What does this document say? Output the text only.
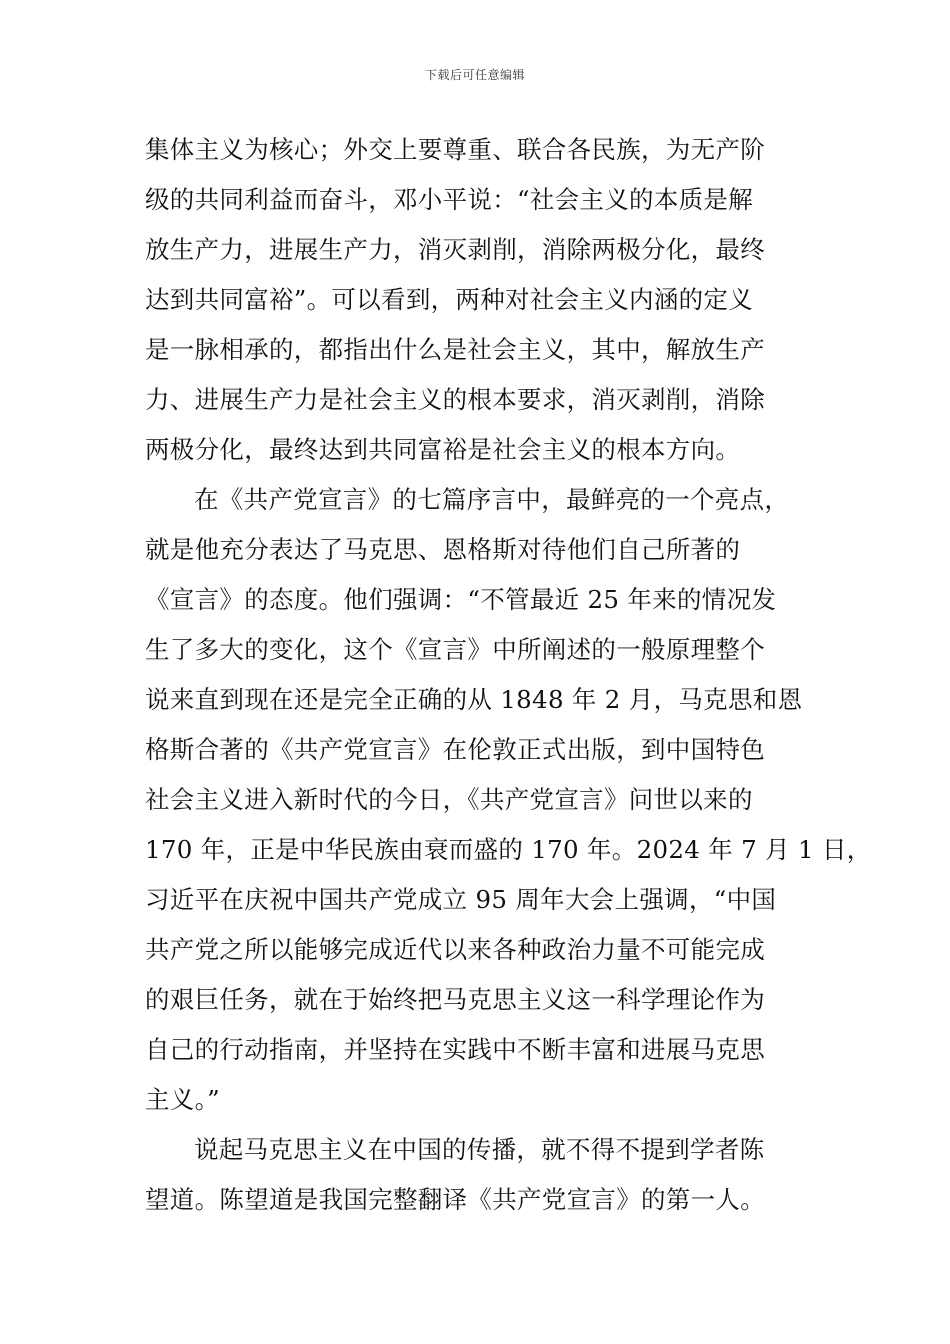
下载后可任意编辑
集体主义为核心；外交上要尊重、联合各民族，为无产阶
级的共同利益而奋斗，邓小平说：“社会主义的本质是解
放生产力，进展生产力，消灭剥削，消除两极分化，最终
达到共同富裕”。可以看到，两种对社会主义内涵的定义
是一脉相承的，都指出什么是社会主义，其中，解放生产
力、进展生产力是社会主义的根本要求，消灭剥削，消除
两极分化，最终达到共同富裕是社会主义的根本方向。
在《共产党宣言》的七篇序言中，最鲜亮的一个亮点，
就是他充分表达了马克思、恩格斯对待他们自己所著的
《宣言》的态度。他们强调：“不管最近 25 年来的情况发
生了多大的变化，这个《宣言》中所阐述的一般原理整个
说来直到现在还是完全正确的从 1848 年 2 月，马克思和恩
格斯合著的《共产党宣言》在伦敦正式出版，到中国特色
社会主义进入新时代的今日，《共产党宣言》问世以来的
170 年，正是中华民族由衰而盛的 170 年。2024 年 7 月 1 日，
习近平在庆祝中国共产党成立 95 周年大会上强调，“中国
共产党之所以能够完成近代以来各种政治力量不可能完成
的艰巨任务，就在于始终把马克思主义这一科学理论作为
自己的行动指南，并坚持在实践中不断丰富和进展马克思
主义。”
说起马克思主义在中国的传播，就不得不提到学者陈
望道。陈望道是我国完整翻译《共产党宣言》的第一人。
